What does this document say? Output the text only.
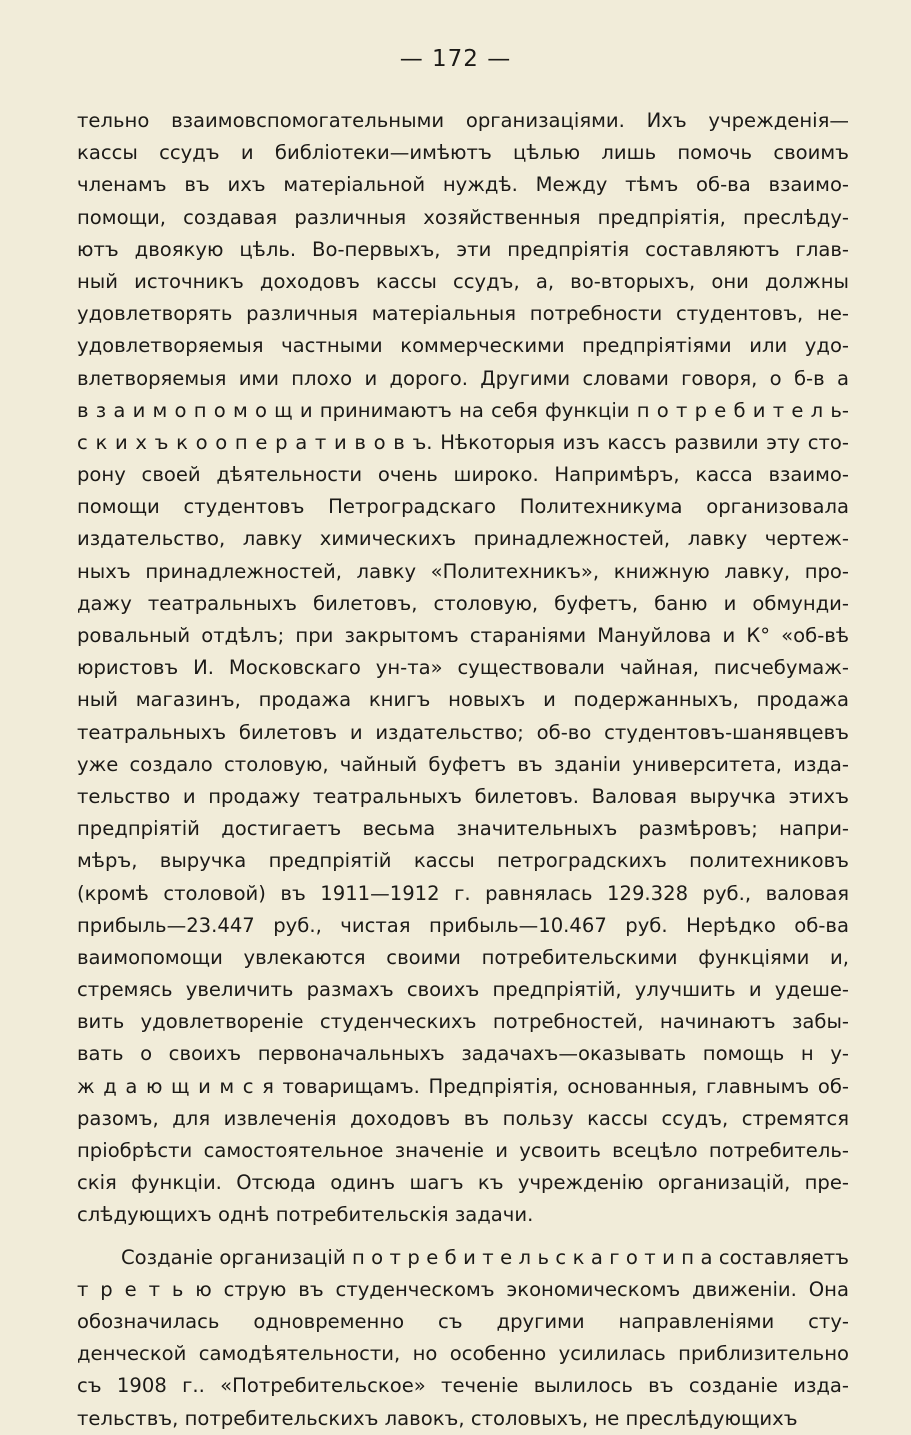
— 172 —
тельно взаимовспомогательными организаціями. Ихъ учрежденія—
кассы ссудъ и библіотеки—имѣютъ цѣлью лишь помочь своимъ
членамъ въ ихъ матеріальной нуждѣ. Между тѣмъ об-ва взаимо-
помощи, создавая различныя хозяйственныя предпріятія, преслѣду-
ютъ двоякую цѣль. Во-первыхъ, эти предпріятія составляютъ глав-
ный источникъ доходовъ кассы ссудъ, а, во-вторыхъ, они должны
удовлетворять различныя матеріальныя потребности студентовъ, не-
удовлетворяемыя частными коммерческими предпріятіями или удо-
влетворяемыя ими плохо и дорого. Другими словами говоря, о б-в а
в з а и м о п о м о щ и принимаютъ на себя функціи п о т р е б и т е л ь-
с к и х ъ к о о п е р а т и в о в ъ. Нѣкоторыя изъ кассъ развили эту сто-
рону своей дѣятельности очень широко. Напримѣръ, касса взаимо-
помощи студентовъ Петроградскаго Политехникума организовала
издательство, лавку химическихъ принадлежностей, лавку чертеж-
ныхъ принадлежностей, лавку «Политехникъ», книжную лавку, про-
дажу театральныхъ билетовъ, столовую, буфетъ, баню и обмунди-
ровальный отдѣлъ; при закрытомъ стараніями Мануйлова и К° «об-вѣ
юристовъ И. Московскаго ун-та» существовали чайная, писчебумаж-
ный магазинъ, продажа книгъ новыхъ и подержанныхъ, продажа
театральныхъ билетовъ и издательство; об-во студентовъ-шанявцевъ
уже создало столовую, чайный буфетъ въ зданіи университета, изда-
тельство и продажу театральныхъ билетовъ. Валовая выручка этихъ
предпріятій достигаетъ весьма значительныхъ размѣровъ; напри-
мѣръ, выручка предпріятій кассы петроградскихъ политехниковъ
(кромѣ столовой) въ 1911—1912 г. равнялась 129.328 руб., валовая
прибыль—23.447 руб., чистая прибыль—10.467 руб. Нерѣдко об-ва
ваимопомощи увлекаются своими потребительскими функціями и,
стремясь увеличить размахъ своихъ предпріятій, улучшить и удеше-
вить удовлетвореніе студенческихъ потребностей, начинаютъ забы-
вать о своихъ первоначальныхъ задачахъ—оказывать помощь н у-
ж д а ю щ и м с я товарищамъ. Предпріятія, основанныя, главнымъ об-
разомъ, для извлеченія доходовъ въ пользу кассы ссудъ, стремятся
пріобрѣсти самостоятельное значеніе и усвоить всецѣло потребитель-
скія функціи. Отсюда одинъ шагъ къ учрежденію организацій, пре-
слѣдующихъ однѣ потребительскія задачи.
Созданіе организацій п о т р е б и т е л ь с к а г о т и п а составляетъ
т р е т ь ю струю въ студенческомъ экономическомъ движеніи. Она
обозначилась одновременно съ другими направленіями сту-
денческой самодѣятельности, но особенно усилилась приблизительно
съ 1908 г.. «Потребительское» теченіе вылилось въ созданіе изда-
тельствъ, потребительскихъ лавокъ, столовыхъ, не преслѣдующихъ
